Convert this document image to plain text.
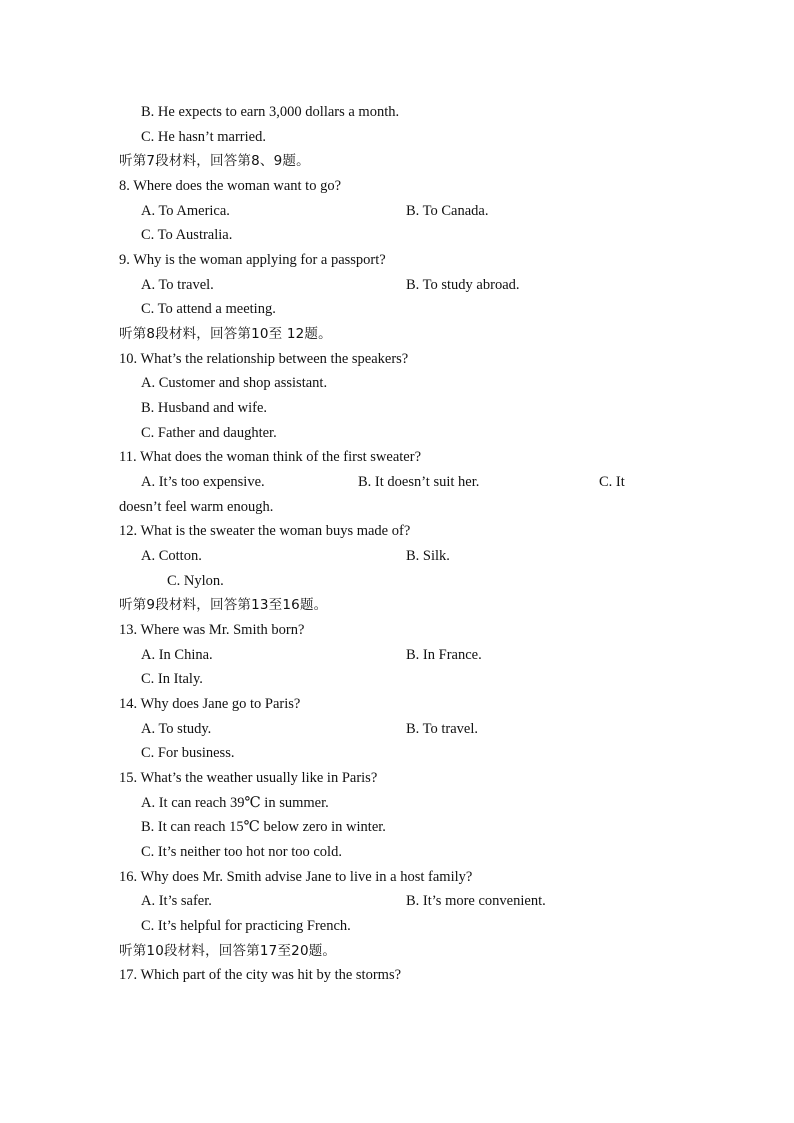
B. He expects to earn 3,000 dollars a month.
C. He hasn’t married.
听第7段材料，回答第8、9题。
8. Where does the woman want to go?
A. To America.	B. To Canada.
C. To Australia.
9. Why is the woman applying for a passport?
A. To travel.	B. To study abroad.
C. To attend a meeting.
听第8段材料，回答第10至 12题。
10. What’s the relationship between the speakers?
A. Customer and shop assistant.
B. Husband and wife.
C. Father and daughter.
11. What does the woman think of the first sweater?
A. It’s too expensive.	B. It doesn’t suit her.	C. It
doesn’t feel warm enough.
12. What is the sweater the woman buys made of?
A. Cotton.	B. Silk.
C. Nylon.
听第9段材料，回答第13至16题。
13. Where was Mr. Smith born?
A. In China.	B. In France.
C. In Italy.
14. Why does Jane go to Paris?
A. To study.	B. To travel.
C. For business.
15. What’s the weather usually like in Paris?
A. It can reach 39℃ in summer.
B. It can reach 15℃ below zero in winter.
C. It’s neither too hot nor too cold.
16. Why does Mr. Smith advise Jane to live in a host family?
A. It’s safer.	B. It’s more convenient.
C. It’s helpful for practicing French.
听第10段材料，回答第17至20题。
17. Which part of the city was hit by the storms?
